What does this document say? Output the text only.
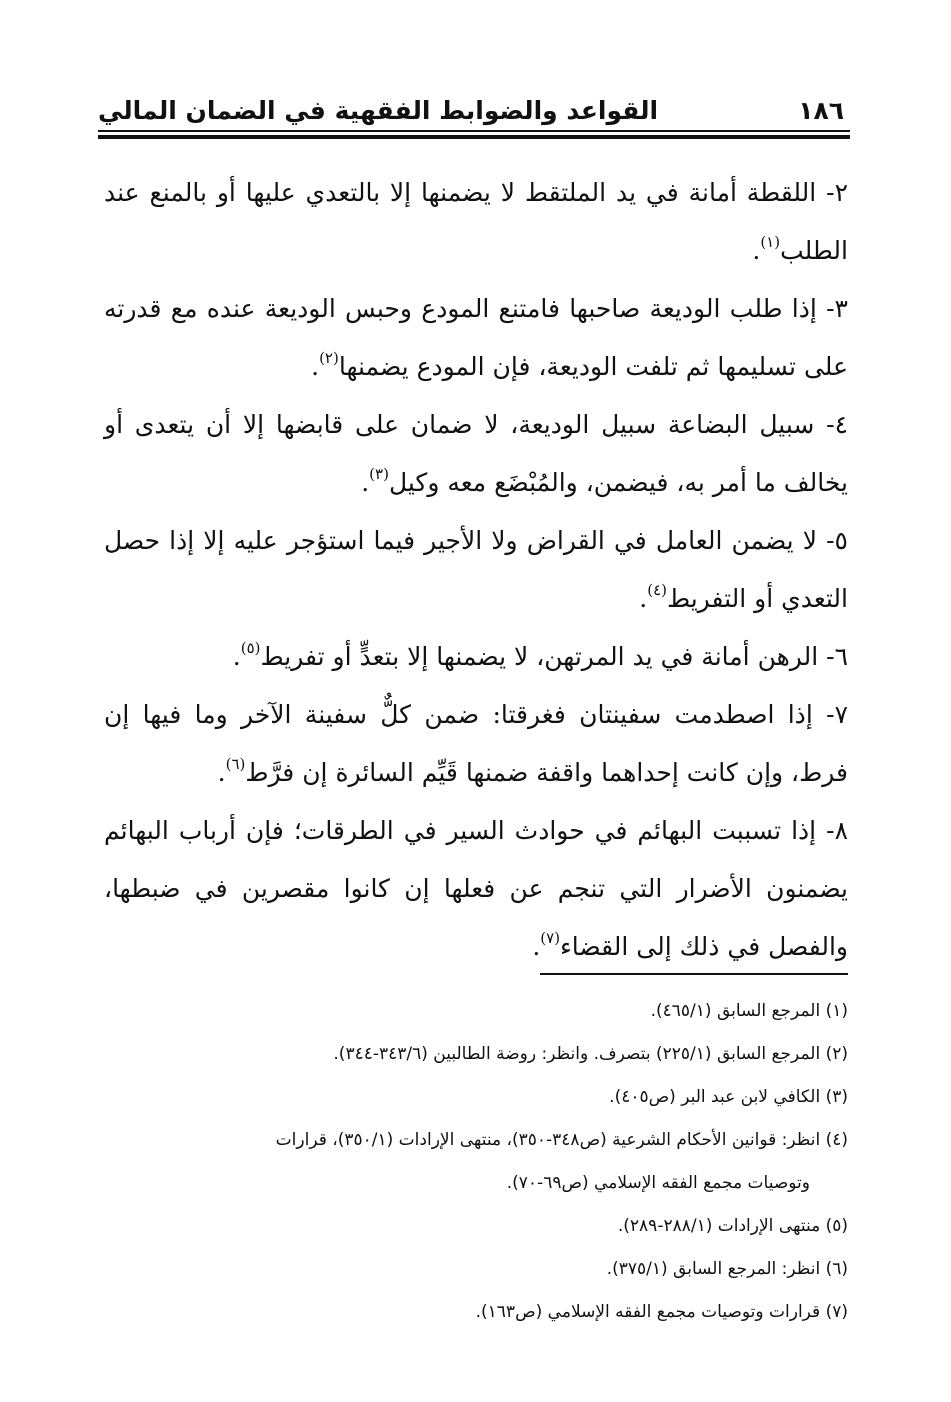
١٨٦
القواعد والضوابط الفقهية في الضمان المالي

٢- اللقطة أمانة في يد الملتقط لا يضمنها إلا بالتعدي عليها أو بالمنع عند الطلب$^{(١)}$.

٣- إذا طلب الوديعة صاحبها فامتنع المودع وحبس الوديعة عنده مع قدرته على تسليمها ثم تلفت الوديعة، فإن المودع يضمنها$^{(٢)}$.

٤- سبيل البضاعة سبيل الوديعة، لا ضمان على قابضها إلا أن يتعدى أو يخالف ما أمر به، فيضمن، والمُبْضَع معه وكيل$^{(٣)}$.

٥- لا يضمن العامل في القراض ولا الأجير فيما استؤجر عليه إلا إذا حصل التعدي أو التفريط$^{(٤)}$.

٦- الرهن أمانة في يد المرتهن، لا يضمنها إلا بتعدٍّ أو تفريط$^{(٥)}$.

٧- إذا اصطدمت سفينتان فغرقتا: ضمن كلٌّ سفينة الآخر وما فيها إن فرط، وإن كانت إحداهما واقفة ضمنها قَيِّم السائرة إن فرَّط$^{(٦)}$.

٨- إذا تسببت البهائم في حوادث السير في الطرقات؛ فإن أرباب البهائم يضمنون الأضرار التي تنجم عن فعلها إن كانوا مقصرين في ضبطها، والفصل في ذلك إلى القضاء$^{(٧)}$.

(١) المرجع السابق (٤٦٥/١).

(٢) المرجع السابق (٢٢٥/١) بتصرف. وانظر: روضة الطالبين (٣٤٣/٦-٣٤٤).

(٣) الكافي لابن عبد البر (ص٤٠٥).

(٤) انظر: قوانين الأحكام الشرعية (ص٣٤٨-٣٥٠)، منتهى الإرادات (٣٥٠/١)، قرارات

وتوصيات مجمع الفقه الإسلامي (ص٦٩-٧٠).

(٥) منتهى الإرادات (٢٨٨/١-٢٨٩).

(٦) انظر: المرجع السابق (٣٧٥/١).

(٧) قرارات وتوصيات مجمع الفقه الإسلامي (ص١٦٣).
